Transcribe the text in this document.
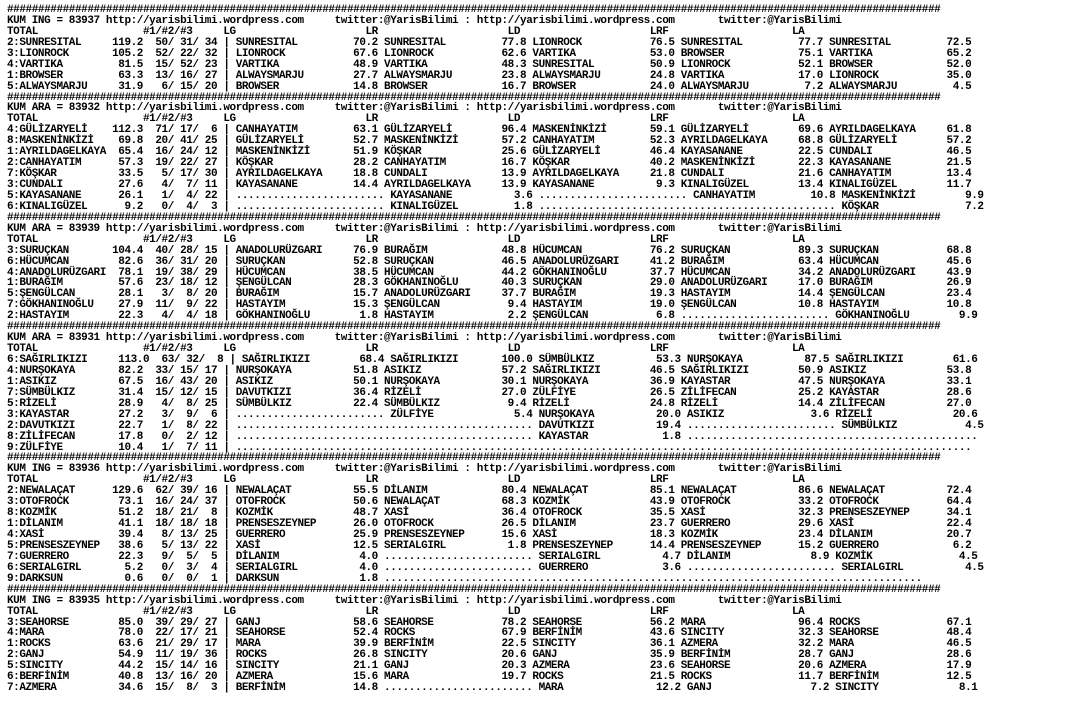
#######################################################################################################################################################
KUM ING = 83937 http://yarisbilimi.wordpress.com     twitter:@YarisBilimi : http://yarisbilimi.wordpress.com       twitter:@YarisBilimi
TOTAL                 #1/#2/#3     LG                     LR                     LD                     LRF                    LA
2:SUNRESITAL     119.2  50/ 31/ 34 | SUNRESITAL         70.2 SUNRESITAL         77.8 LIONROCK           76.5 SUNRESITAL         77.7 SUNRESITAL         72.5
3:LIONROCK       105.2  52/ 22/ 32 | LIONROCK           67.6 LIONROCK           62.6 VARTIKA            53.0 BROWSER            75.1 VARTIKA            65.2
4:VARTIKA         81.5  15/ 52/ 23 | VARTIKA            48.9 VARTIKA            48.3 SUNRESITAL         50.9 LIONROCK           52.1 BROWSER            52.0
1:BROWSER         63.3  13/ 16/ 27 | ALWAYSMARJU        27.7 ALWAYSMARJU        23.8 ALWAYSMARJU        24.8 VARTIKA            17.0 LIONROCK           35.0
5:ALWAYSMARJU     31.9   6/ 15/ 20 | BROWSER            14.8 BROWSER            16.7 BROWSER            24.0 ALWAYSMARJU         7.2 ALWAYSMARJU         4.5
#######################################################################################################################################################
KUM ARA = 83932 http://yarisbilimi.wordpress.com     twitter:@YarisBilimi : http://yarisbilimi.wordpress.com       twitter:@YarisBilimi
TOTAL                 #1/#2/#3     LG                     LR                     LD                     LRF                    LA
4:GÜLİZARYELİ    112.3  71/ 17/  6 | CANHAYATIM         63.1 GÜLİZARYELİ        96.4 MASKENİNKİZİ       59.1 GÜLİZARYELİ        69.6 AYRILDAGELKAYA     61.8
8:MASKENİNKİZİ    69.8  20/ 41/ 25 | GÜLİZARYELİ        52.7 MASKENİNKİZİ       57.2 CANHAYATIM         52.3 AYRILDAGELKAYA     68.8 GÜLİZARYELİ        57.2
1:AYRILDAGELKAYA  65.4  16/ 24/ 12 | MASKENİNKİZİ       51.9 KÖŞKAR             25.6 GÜLİZARYELİ        46.4 KAYASANANE         22.5 CUNDALI            46.5
2:CANHAYATIM      57.3  19/ 22/ 27 | KÖŞKAR             28.2 CANHAYATIM         16.7 KÖŞKAR             40.2 MASKENİNKİZİ       22.3 KAYASANANE         21.5
7:KÖŞKAR          33.5   5/ 17/ 30 | AYRILDAGELKAYA     18.8 CUNDALI            13.9 AYRILDAGELKAYA     21.8 CUNDALI            21.6 CANHAYATIM         13.4
3:CUNDALI         27.6   4/  7/ 11 | KAYASANANE         14.4 AYRILDAGELKAYA     13.9 KAYASANANE          9.3 KINALIGÜZEL        13.4 KINALIGÜZEL        11.7
5:KAYASANANE      26.1   1/  4/ 22 | ........................ KAYASANANE          3.6 ........................ CANHAYATIM         10.8 MASKENİNKİZİ        9.9
6:KINALIGÜZEL      9.2   0/  4/  3 | ........................ KINALIGÜZEL         1.8 ................................................ KÖŞKAR              7.2
#######################################################################################################################################################
KUM ARA = 83939 http://yarisbilimi.wordpress.com     twitter:@YarisBilimi : http://yarisbilimi.wordpress.com       twitter:@YarisBilimi
TOTAL                 #1/#2/#3     LG                     LR                     LD                     LRF                    LA
3:SURUÇKAN       104.4  40/ 28/ 15 | ANADOLURÜZGARI     76.9 BURAĞIM            48.8 HÜCUMCAN           76.2 SURUÇKAN           89.3 SURUÇKAN           68.8
6:HÜCUMCAN        82.6  36/ 31/ 20 | SURUÇKAN           52.8 SURUÇKAN           46.5 ANADOLURÜZGARI     41.2 BURAĞIM            63.4 HÜCUMCAN           45.6
4:ANADOLURÜZGARI  78.1  19/ 38/ 29 | HÜCUMCAN           38.5 HÜCUMCAN           44.2 GÖKHANINOĞLU       37.7 HÜCUMCAN           34.2 ANADOLURÜZGARI     43.9
1:BURAĞIM         57.6  23/ 18/ 12 | ŞENGÜLCAN          28.3 GÖKHANINOĞLU       40.3 SURUÇKAN           29.0 ANADOLURÜZGARI     17.0 BURAĞIM            26.9
5:ŞENGÜLCAN       28.1   3/  8/ 20 | BURAĞIM            15.7 ANADOLURÜZGARI     37.7 BURAĞIM            19.3 HASTAYIM           14.4 ŞENGÜLCAN          23.4
7:GÖKHANINOĞLU    27.9  11/  9/ 22 | HASTAYIM           15.3 ŞENGÜLCAN           9.4 HASTAYIM           19.0 ŞENGÜLCAN          10.8 HASTAYIM           10.8
2:HASTAYIM        22.3   4/  4/ 18 | GÖKHANINOĞLU        1.8 HASTAYIM            2.2 ŞENGÜLCAN           6.8 ........................ GÖKHANINOĞLU        9.9
#######################################################################################################################################################
KUM ARA = 83931 http://yarisbilimi.wordpress.com     twitter:@YarisBilimi : http://yarisbilimi.wordpress.com       twitter:@YarisBilimi
TOTAL                 #1/#2/#3     LG                     LR                     LD                     LRF                    LA
6:SAĞIRLIKIZI     113.0  63/ 32/  8 | SAĞIRLIKIZI        68.4 SAĞIRLIKIZI       100.0 SÜMBÜLKIZ          53.3 NURŞOKAYA          87.5 SAĞIRLIKIZI        61.6
4:NURŞOKAYA       82.2  33/ 15/ 17 | NURŞOKAYA          51.8 ASIKIZ             57.2 SAĞIRLIKIZI        46.5 SAĞIRLIKIZI        50.9 ASIKIZ             53.8
1:ASIKIZ          67.5  16/ 43/ 20 | ASIKIZ             50.1 NURŞOKAYA          30.1 NURŞOKAYA          36.9 KAYASTAR           47.5 NURŞOKAYA          33.1
7:SÜMBÜLKIZ       31.4  15/ 12/ 15 | DAVUTKIZI          36.4 RİZELİ             27.0 ZÜLFİYE            26.5 ZİLİFECAN          25.2 KAYASTAR           28.6
5:RİZELİ          28.9   4/  8/ 25 | SÜMBÜLKIZ          22.4 SÜMBÜLKIZ           9.4 RİZELİ             24.8 RİZELİ             14.4 ZİLİFECAN          27.0
3:KAYASTAR        27.2   3/  9/  6 | ........................ ZÜLFİYE             5.4 NURŞOKAYA          20.0 ASIKIZ              3.6 RİZELİ             20.6
2:DAVUTKIZI       22.7   1/  8/ 22 | ................................................ DAVUTKIZI          19.4 ........................ SÜMBÜLKIZ           4.5
8:ZİLİFECAN       17.8   0/  2/ 12 | ................................................ KAYASTAR            1.8 ...............................................
9:ZÜLFİYE         10.4   1/  7/ 11 | .......................................................................................................................
#######################################################################################################################################################
KUM ING = 83936 http://yarisbilimi.wordpress.com     twitter:@YarisBilimi : http://yarisbilimi.wordpress.com       twitter:@YarisBilimi
TOTAL                 #1/#2/#3     LG                     LR                     LD                     LRF                    LA
2:NEWALAÇAT      129.6  62/ 39/ 16 | NEWALAÇAT          55.5 DİLANIM            80.4 NEWALAÇAT          85.1 NEWALAÇAT          86.6 NEWALAÇAT          72.4
3:OTOFROCK        73.1  16/ 24/ 37 | OTOFROCK           50.6 NEWALAÇAT          68.3 KOZMİK             43.9 OTOFROCK           33.2 OTOFROCK           64.4
8:KOZMİK          51.2  18/ 21/  8 | KOZMİK             48.7 XASİ               36.4 OTOFROCK           35.5 XASİ               32.3 PRENSESZEYNEP      34.1
1:DİLANIM         41.1  18/ 18/ 18 | PRENSESZEYNEP      26.0 OTOFROCK           26.5 DİLANIM            23.7 GUERRERO           29.6 XASİ               22.4
4:XASİ            39.4   8/ 13/ 25 | GUERRERO           25.9 PRENSESZEYNEP      15.6 XASİ               18.3 KOZMİK             23.4 DİLANIM            20.7
5:PRENSESZEYNEP   38.6   5/ 13/ 22 | XASİ               12.5 SERIALGIRL          1.8 PRENSESZEYNEP      14.4 PRENSESZEYNEP      15.2 GUERRERO            6.2
7:GUERRERO        22.3   9/  5/  5 | DİLANIM             4.0 ........................ SERIALGIRL          4.7 DİLANIM             8.9 KOZMİK              4.5
6:SERIALGIRL       5.2   0/  3/  4 | SERIALGIRL          4.0 ........................ GUERRERO            3.6 ........................ SERIALGIRL          4.5
9:DARKSUN          0.6   0/  0/  1 | DARKSUN             1.8 .......................................................................................
#######################################################################################################################################################
KUM ING = 83935 http://yarisbilimi.wordpress.com     twitter:@YarisBilimi : http://yarisbilimi.wordpress.com       twitter:@YarisBilimi
TOTAL                 #1/#2/#3     LG                     LR                     LD                     LRF                    LA
3:SEAHORSE        85.0  39/ 29/ 27 | GANJ               58.6 SEAHORSE           78.2 SEAHORSE           56.2 MARA               96.4 ROCKS              67.1
4:MARA            78.0  22/ 17/ 21 | SEAHORSE           52.4 ROCKS              67.9 BERFİNİM           43.6 SINCITY            32.3 SEAHORSE           48.4
1:ROCKS           63.6  21/ 29/ 17 | MARA               39.9 BERFİNİM           22.5 SINCITY            36.1 AZMERA             32.2 MARA               46.5
2:GANJ            54.9  11/ 19/ 36 | ROCKS              26.8 SINCITY            20.6 GANJ               35.9 BERFİNİM           28.7 GANJ               28.6
5:SINCITY         44.2  15/ 14/ 16 | SINCITY            21.1 GANJ               20.3 AZMERA             23.6 SEAHORSE           20.6 AZMERA             17.9
6:BERFİNİM        40.8  13/ 16/ 20 | AZMERA             15.6 MARA               19.7 ROCKS              21.5 ROCKS              11.7 BERFİNİM           12.5
7:AZMERA          34.6  15/  8/  3 | BERFİNİM           14.8 ........................ MARA               12.2 GANJ                7.2 SINCITY             8.1
